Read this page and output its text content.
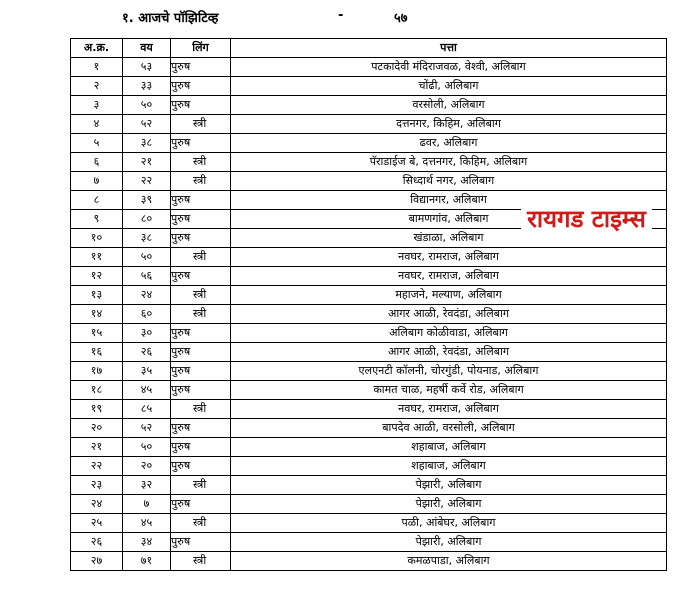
१. आजचे पॉझिटिव्ह	-	५७
अ.क्र.	वय	लिंग	पत्ता
१	५३	पुरुष	पटकादेवी मंदिराजवळ, वेश्वी, अलिबाग
२	३३	पुरुष	चोंढी, अलिबाग
३	५०	पुरुष	वरसोली, अलिबाग
४	५२	स्त्री	दत्तनगर, किहिम, अलिबाग
५	३८	पुरुष	ढवर, अलिबाग
६	२१	स्त्री	पॅराडाईज बे, दत्तनगर, किहिम, अलिबाग
७	२२	स्त्री	सिध्दार्थ नगर, अलिबाग
८	३९	पुरुष	विद्यानगर, अलिबाग
९	८०	पुरुष	बामणगांव, अलिबाग
१०	३८	पुरुष	खंडाळा, अलिबाग
११	५०	स्त्री	नवघर, रामराज, अलिबाग
१२	५६	पुरुष	नवघर, रामराज, अलिबाग
१३	२४	स्त्री	महाजने, मल्याण, अलिबाग
१४	६०	स्त्री	आगर आळी, रेवदंडा, अलिबाग
१५	३०	पुरुष	अलिबाग कोळीवाडा, अलिबाग
१६	२६	पुरुष	आगर आळी, रेवदंडा, अलिबाग
१७	३५	पुरुष	एलएनटी कॉलनी, चोरगुंडी, पोयनाड, अलिबाग
१८	४५	पुरुष	कामत चाळ, महर्षी कर्वे रोड, अलिबाग
१९	८५	स्त्री	नवघर, रामराज, अलिबाग
२०	५२	पुरुष	बापदेव आळी, वरसोली, अलिबाग
२१	५०	पुरुष	शहाबाज, अलिबाग
२२	२०	पुरुष	शहाबाज, अलिबाग
२३	३२	स्त्री	पेझारी, अलिबाग
२४	७	पुरुष	पेझारी, अलिबाग
२५	४५	स्त्री	पळी, आंबेघर, अलिबाग
२६	३४	पुरुष	पेझारी, अलिबाग
२७	७१	स्त्री	कमळपाडा, अलिबाग
रायगड टाइम्स
